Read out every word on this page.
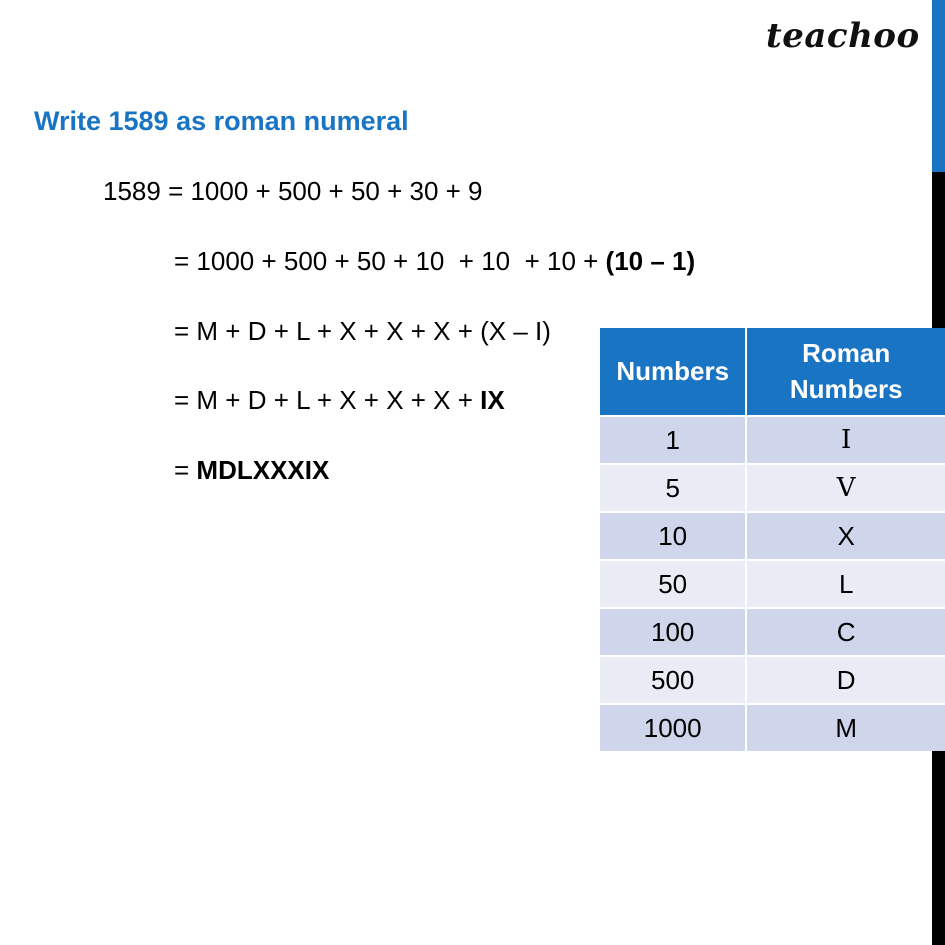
teachoo
Write 1589 as roman numeral
1589 = 1000 + 500 + 50 + 30 + 9
= 1000 + 500 + 50 + 10  + 10  + 10 + (10 – 1)
= M + D + L + X + X + X + (X – I)
= M + D + L + X + X + X + IX
= MDLXXXIX
Numbers	Roman
Numbers
1	I
5	V
10	X
50	L
100	C
500	D
1000	M
